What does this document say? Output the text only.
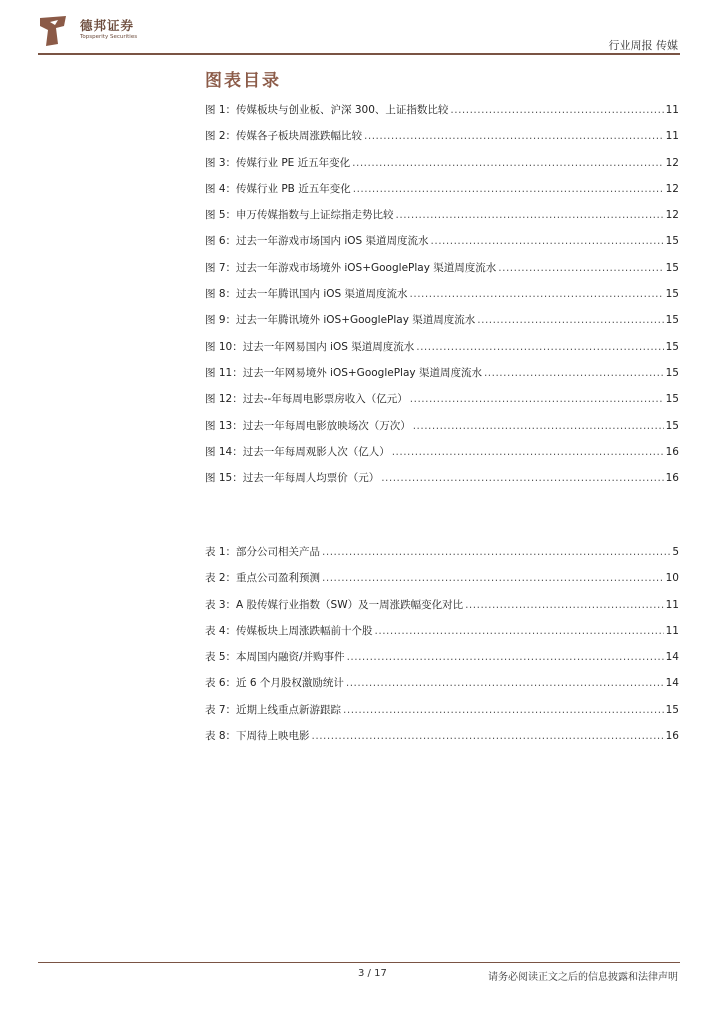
德邦证券
Topsperity Securities
行业周报 传媒
图表目录
图 1：传媒板块与创业板、沪深 300、上证指数比较 .....	11
图 2：传媒各子板块周涨跌幅比较 .....	11
图 3：传媒行业 PE 近五年变化 .....	12
图 4：传媒行业 PB 近五年变化 .....	12
图 5：申万传媒指数与上证综指走势比较 .....	12
图 6：过去一年游戏市场国内 iOS 渠道周度流水 .....	15
图 7：过去一年游戏市场境外 iOS+GooglePlay 渠道周度流水 .....	15
图 8：过去一年腾讯国内 iOS 渠道周度流水 .....	15
图 9：过去一年腾讯境外 iOS+GooglePlay 渠道周度流水 .....	15
图 10：过去一年网易国内 iOS 渠道周度流水 .....	15
图 11：过去一年网易境外 iOS+GooglePlay 渠道周度流水 .....	15
图 12：过去--年每周电影票房收入（亿元） .....	15
图 13：过去一年每周电影放映场次（万次） .....	15
图 14：过去一年每周观影人次（亿人） .....	16
图 15：过去一年每周人均票价（元） .....	16
表 1：部分公司相关产品 .....	5
表 2：重点公司盈利预测 .....	10
表 3：A 股传媒行业指数（SW）及一周涨跌幅变化对比 .....	11
表 4：传媒板块上周涨跌幅前十个股 .....	11
表 5：本周国内融资/并购事件 .....	14
表 6：近 6 个月股权激励统计 .....	14
表 7：近期上线重点新游跟踪 .....	15
表 8：下周待上映电影 .....	16
3 / 17	请务必阅读正文之后的信息披露和法律声明
